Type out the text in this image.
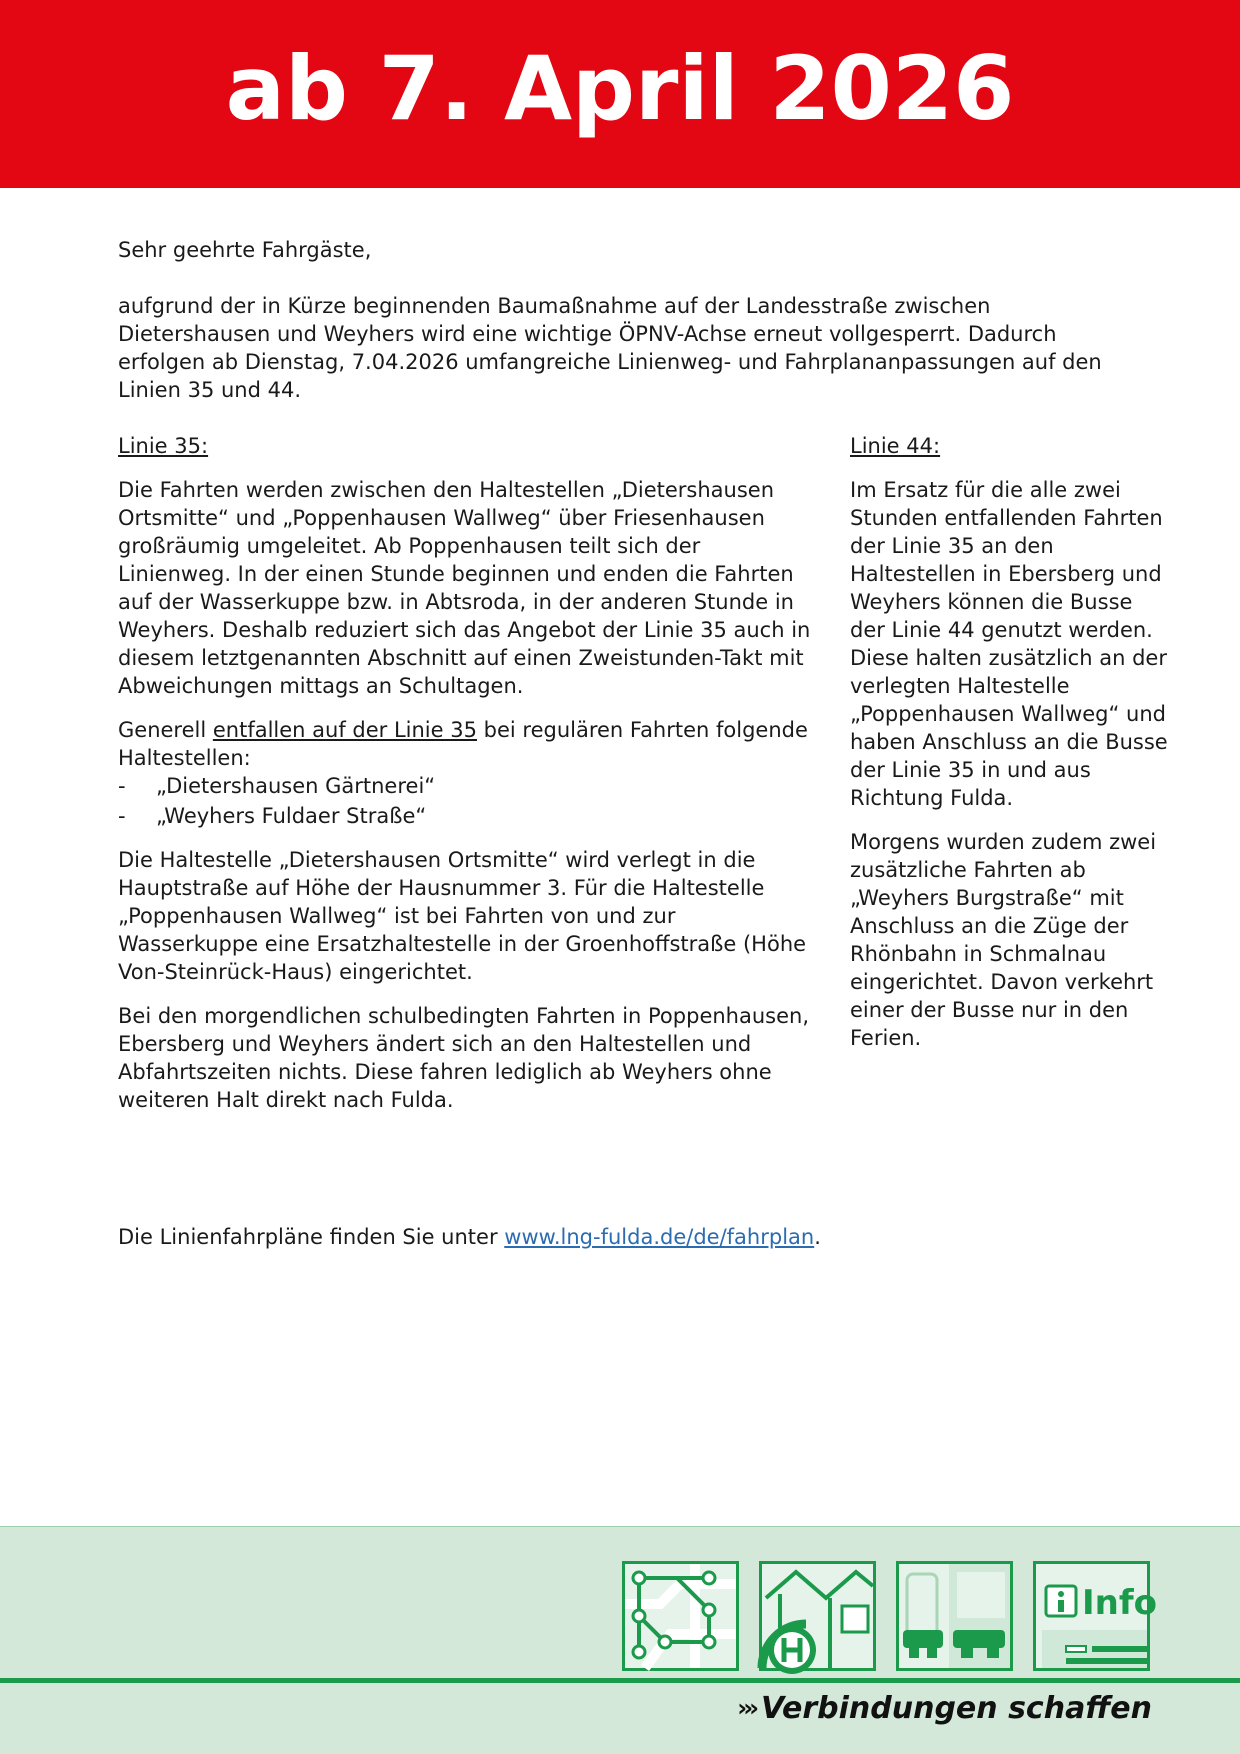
ab 7. April 2026

Sehr geehrte Fahrgäste,

aufgrund der in Kürze beginnenden Baumaßnahme auf der Landesstraße zwischen Dietershausen und Weyhers wird eine wichtige ÖPNV-Achse erneut vollgesperrt. Dadurch erfolgen ab Dienstag, 7.04.2026 umfangreiche Linienweg- und Fahrplananpassungen auf den Linien 35 und 44.

Linie 35:

Die Fahrten werden zwischen den Haltestellen „Dietershausen Ortsmitte“ und „Poppenhausen Wallweg“ über Friesenhausen großräumig umgeleitet. Ab Poppenhausen teilt sich der Linienweg. In der einen Stunde beginnen und enden die Fahrten auf der Wasserkuppe bzw. in Abtsroda, in der anderen Stunde in Weyhers. Deshalb reduziert sich das Angebot der Linie 35 auch in diesem letztgenannten Abschnitt auf einen Zweistunden-Takt mit Abweichungen mittags an Schultagen.

Generell entfallen auf der Linie 35 bei regulären Fahrten folgende Haltestellen:

-	„Dietershausen Gärtnerei“
-	„Weyhers Fuldaer Straße“

Die Haltestelle „Dietershausen Ortsmitte“ wird verlegt in die Hauptstraße auf Höhe der Hausnummer 3. Für die Haltestelle „Poppenhausen Wallweg“ ist bei Fahrten von und zur Wasserkuppe eine Ersatzhaltestelle in der Groenhoffstraße (Höhe Von-Steinrück-Haus) eingerichtet.

Bei den morgendlichen schulbedingten Fahrten in Poppenhausen, Ebersberg und Weyhers ändert sich an den Haltestellen und Abfahrtszeiten nichts. Diese fahren lediglich ab Weyhers ohne weiteren Halt direkt nach Fulda.

Linie 44:

Im Ersatz für die alle zwei Stunden entfallenden Fahrten der Linie 35 an den Haltestellen in Ebersberg und Weyhers können die Busse der Linie 44 genutzt werden. Diese halten zusätzlich an der verlegten Haltestelle „Poppenhausen Wallweg“ und haben Anschluss an die Busse der Linie 35 in und aus Richtung Fulda.

Morgens wurden zudem zwei zusätzliche Fahrten ab „Weyhers Burgstraße“ mit Anschluss an die Züge der Rhönbahn in Schmalnau eingerichtet. Davon verkehrt einer der Busse nur in den Ferien.

Die Linienfahrpläne finden Sie unter www.lng-fulda.de/de/fahrplan.

Info
››› Verbindungen schaffen
